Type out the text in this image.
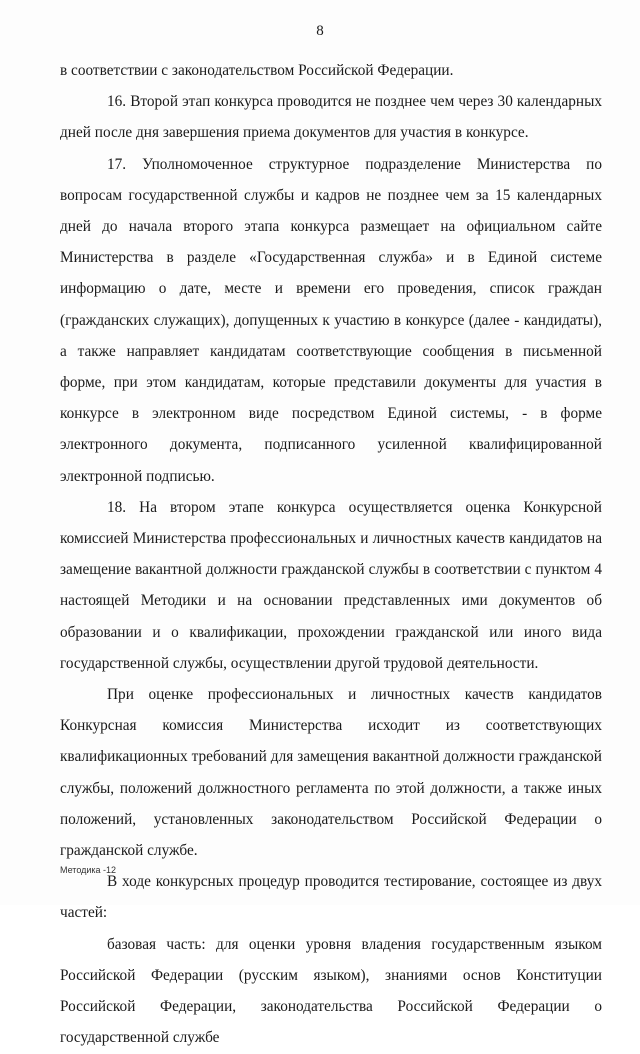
8

в соответствии с законодательством Российской Федерации.

16. Второй этап конкурса проводится не позднее чем через 30 календарных дней после дня завершения приема документов для участия в конкурсе.

17. Уполномоченное структурное подразделение Министерства по вопросам государственной службы и кадров не позднее чем за 15 календарных дней до начала второго этапа конкурса размещает на официальном сайте Министерства в разделе «Государственная служба» и в Единой системе информацию о дате, месте и времени его проведения, список граждан (гражданских служащих), допущенных к участию в конкурсе (далее - кандидаты), а также направляет кандидатам соответствующие сообщения в письменной форме, при этом кандидатам, которые представили документы для участия в конкурсе в электронном виде посредством Единой системы, - в форме электронного документа, подписанного усиленной квалифицированной электронной подписью.

18. На втором этапе конкурса осуществляется оценка Конкурсной комиссией Министерства профессиональных и личностных качеств кандидатов на замещение вакантной должности гражданской службы в соответствии с пунктом 4 настоящей Методики и на основании представленных ими документов об образовании и о квалификации, прохождении гражданской или иного вида государственной службы, осуществлении другой трудовой деятельности.

При оценке профессиональных и личностных качеств кандидатов Конкурсная комиссия Министерства исходит из соответствующих квалификационных требований для замещения вакантной должности гражданской службы, положений должностного регламента по этой должности, а также иных положений, установленных законодательством Российской Федерации о гражданской службе.

В ходе конкурсных процедур проводится тестирование, состоящее из двух частей:

базовая часть: для оценки уровня владения государственным языком Российской Федерации (русским языком), знаниями основ Конституции Российской Федерации, законодательства Российской Федерации о государственной службе

Методика -12
